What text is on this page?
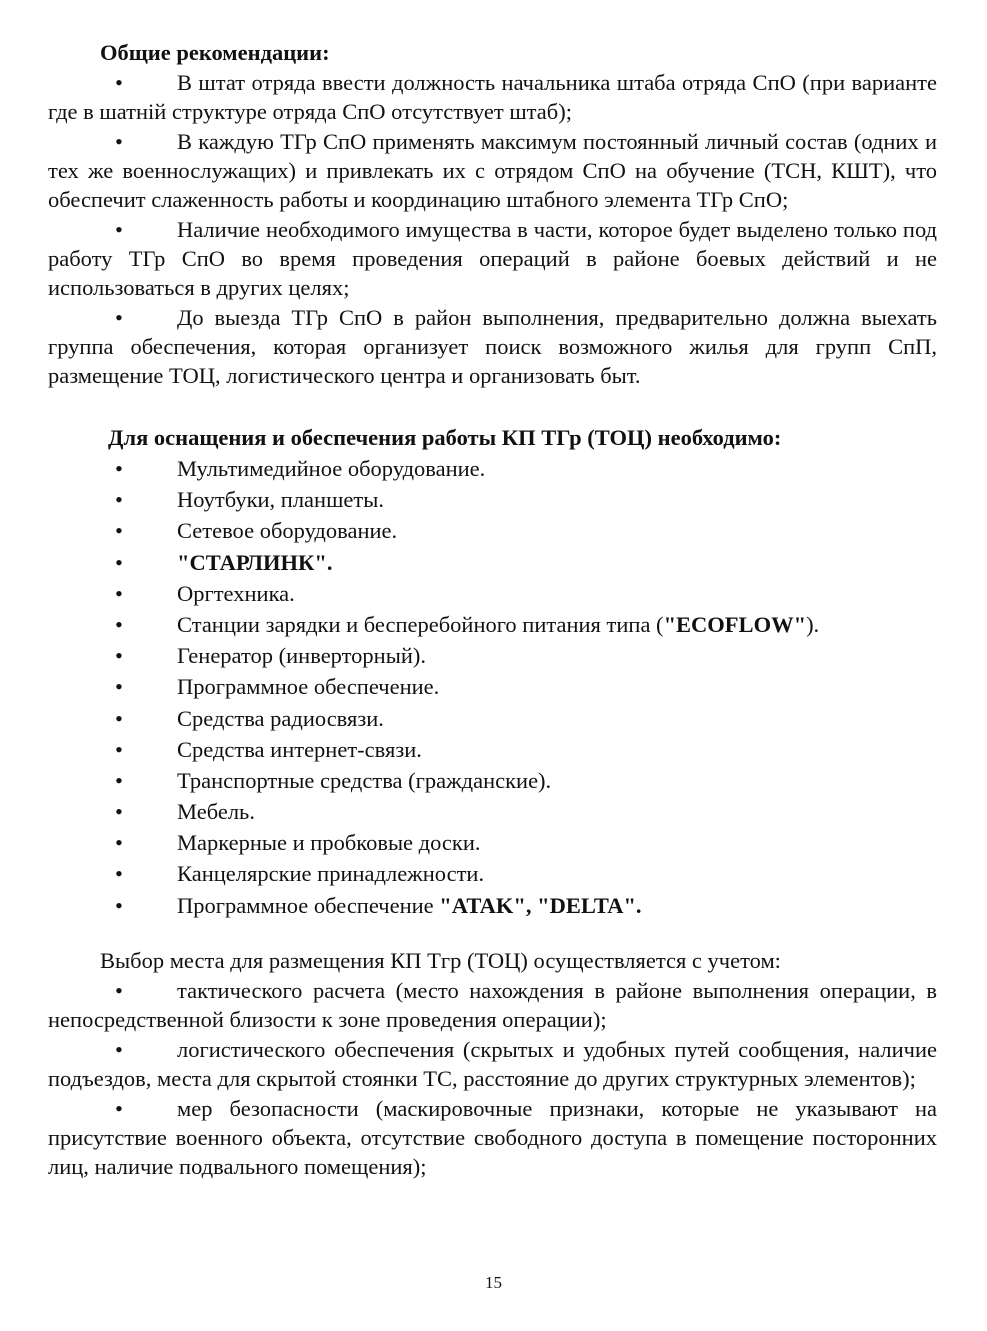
Общие рекомендации:

• В штат отряда ввести должность начальника штаба отряда СпО (при варианте где в шатній структуре отряда СпО отсутствует штаб);

• В каждую ТГр СпО применять максимум постоянный личный состав (одних и тех же военнослужащих) и привлекать их с отрядом СпО на обучение (ТСН, КШТ), что обеспечит слаженность работы и координацию штабного элемента ТГр СпО;

• Наличие необходимого имущества в части, которое будет выделено только под работу ТГр СпО во время проведения операций в районе боевых действий и не использоваться в других целях;

• До выезда ТГр СпО в район выполнения, предварительно должна выехать группа обеспечения, которая организует поиск возможного жилья для групп СпП, размещение ТОЦ, логистического центра и организовать быт.

Для оснащения и обеспечения работы КП ТГр (ТОЦ) необходимо:

• Мультимедийное оборудование.
• Ноутбуки, планшеты.
• Сетевое оборудование.
• "СТАРЛИНК".
• Оргтехника.
• Станции зарядки и бесперебойного питания типа ("ECOFLOW").
• Генератор (инверторный).
• Программное обеспечение.
• Средства радиосвязи.
• Средства интернет-связи.
• Транспортные средства (гражданские).
• Мебель.
• Маркерные и пробковые доски.
• Канцелярские принадлежности.
• Программное обеспечение "ATAK", "DELTA".

Выбор места для размещения КП Тгр (ТОЦ) осуществляется с учетом:

• тактического расчета (место нахождения в районе выполнения операции, в непосредственной близости к зоне проведения операции);

• логистического обеспечения (скрытых и удобных путей сообщения, наличие подъездов, места для скрытой стоянки ТС, расстояние до других структурных элементов);

• мер безопасности (маскировочные признаки, которые не указывают на присутствие военного объекта, отсутствие свободного доступа в помещение посторонних лиц, наличие подвального помещения);

15
